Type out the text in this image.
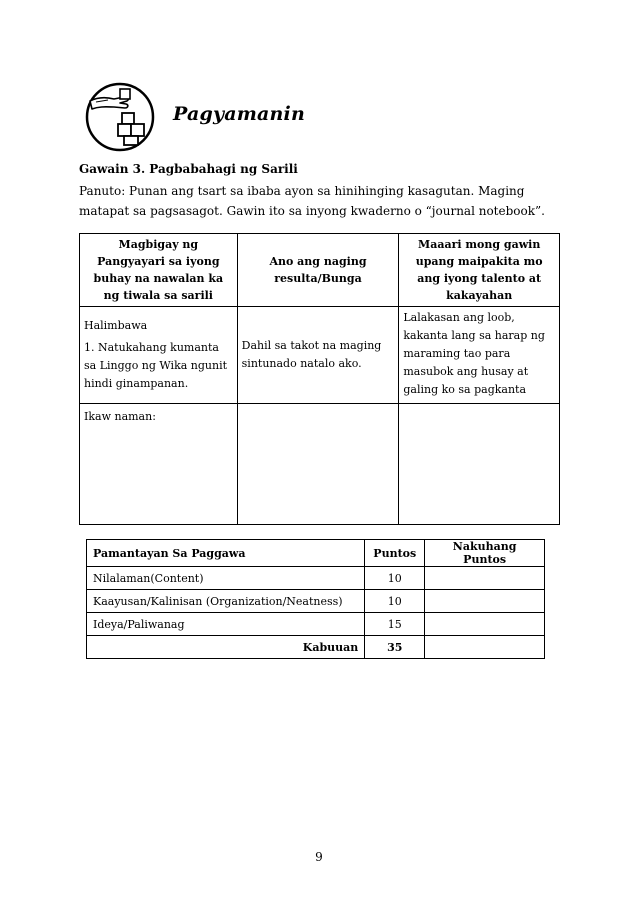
Pagyamanin
Gawain 3. Pagbabahagi ng Sarili
Panuto: Punan ang tsart sa ibaba ayon sa hinihinging kasagutan. Maging matapat sa pagsasagot. Gawin ito sa inyong kwaderno o “journal notebook”.
Magbigay ng Pangyayari sa iyong buhay na nawalan ka ng tiwala sa sarili	Ano ang naging resulta/Bunga	Maaari mong gawin upang maipakita mo ang iyong talento at kakayahan

Halimbawa
1. Natukahang kumanta sa Linggo ng Wika ngunit hindi ginampanan.	Dahil sa takot na maging sintunado natalo ako.	Lalakasan ang loob, kakanta lang sa harap ng maraming tao para masubok ang husay at galing ko sa pagkanta
Ikaw naman:		
Pamantayan Sa Paggawa	Puntos	Nakuhang Puntos
Nilalaman(Content)	10	
Kaayusan/Kalinisan (Organization/Neatness)	10	
Ideya/Paliwanag	15	
Kabuuan	35	
9
